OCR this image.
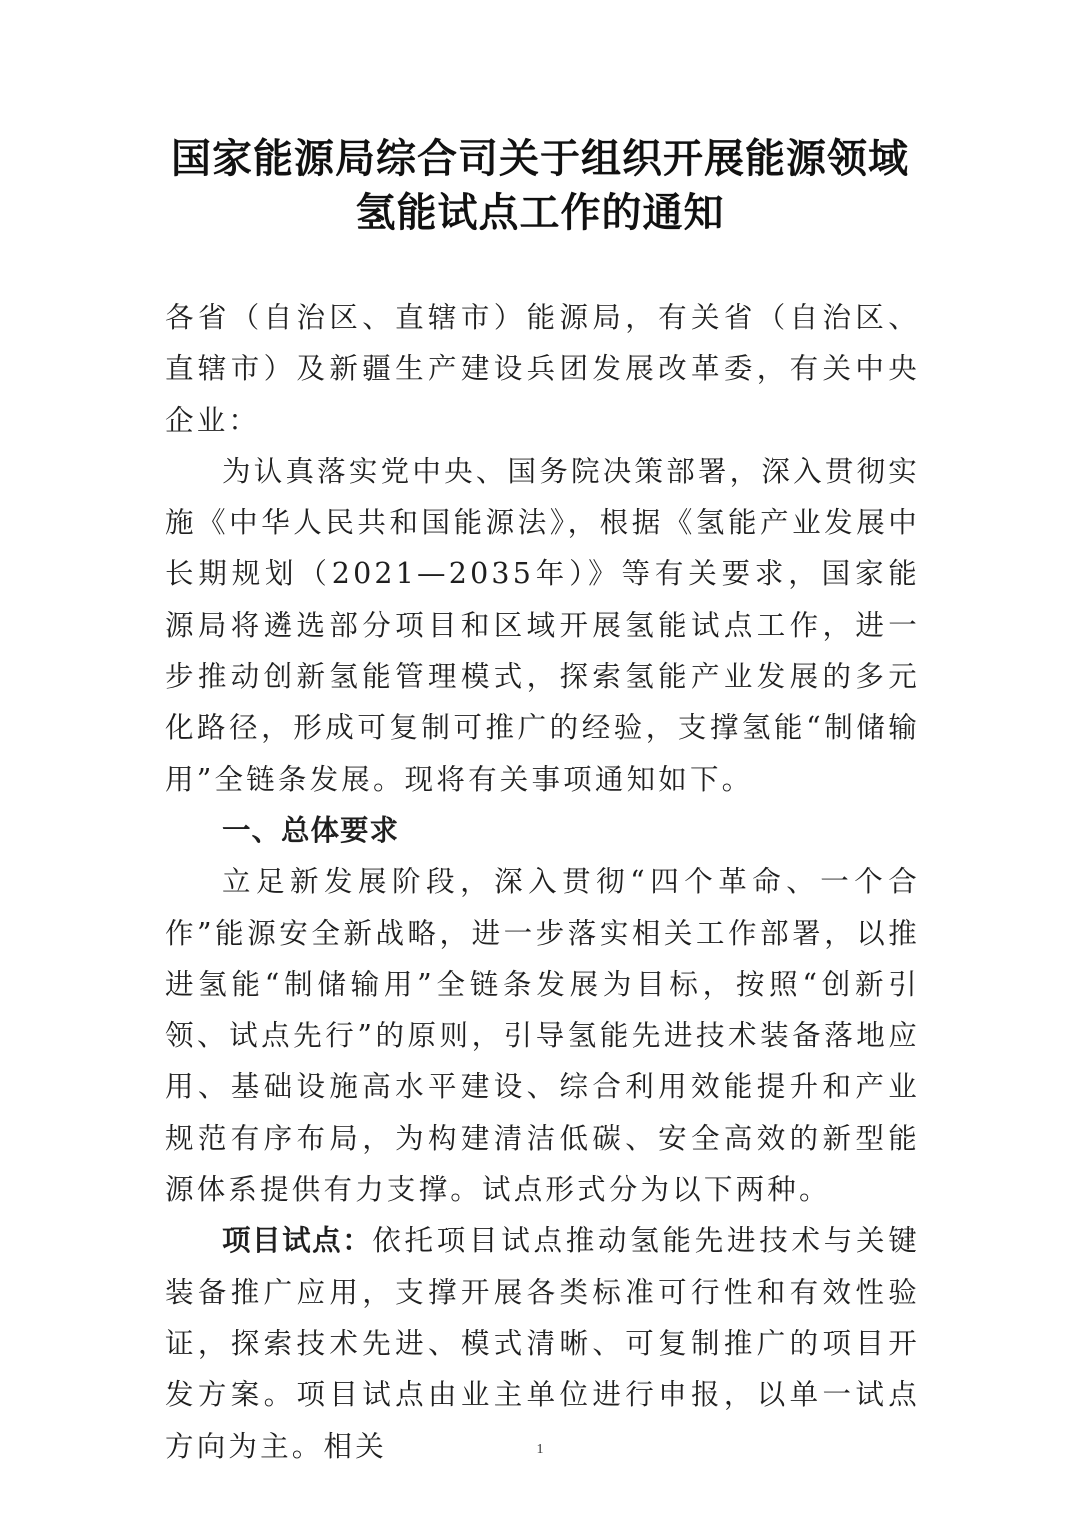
国家能源局综合司关于组织开展能源领域
氢能试点工作的通知

各省（自治区、直辖市）能源局，有关省（自治区、直辖市）及新疆生产建设兵团发展改革委，有关中央企业：

为认真落实党中央、国务院决策部署，深入贯彻实施《中华人民共和国能源法》，根据《氢能产业发展中长期规划（2021—2035年）》等有关要求，国家能源局将遴选部分项目和区域开展氢能试点工作，进一步推动创新氢能管理模式，探索氢能产业发展的多元化路径，形成可复制可推广的经验，支撑氢能“制储输用”全链条发展。现将有关事项通知如下。

一、总体要求

立足新发展阶段，深入贯彻“四个革命、一个合作”能源安全新战略，进一步落实相关工作部署，以推进氢能“制储输用”全链条发展为目标，按照“创新引领、试点先行”的原则，引导氢能先进技术装备落地应用、基础设施高水平建设、综合利用效能提升和产业规范有序布局，为构建清洁低碳、安全高效的新型能源体系提供有力支撑。试点形式分为以下两种。

项目试点：依托项目试点推动氢能先进技术与关键装备推广应用，支撑开展各类标准可行性和有效性验证，探索技术先进、模式清晰、可复制推广的项目开发方案。项目试点由业主单位进行申报，以单一试点方向为主。相关	1
